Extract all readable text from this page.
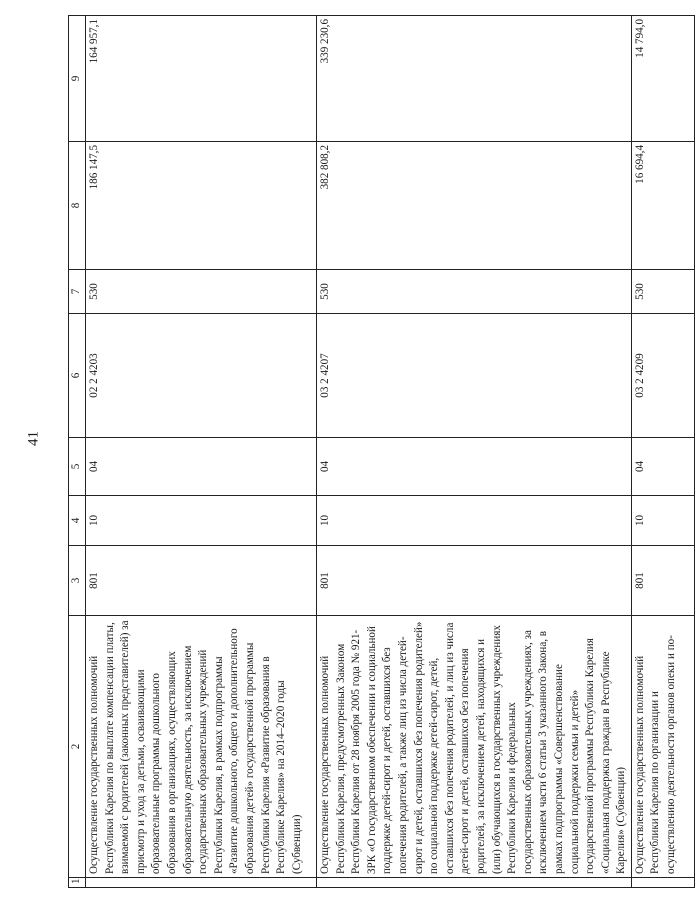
41
1	2	3	4	5	6	7	8	9
	Осуществление государственных полномочий Республики Карелия по выплате компенсации платы, взимаемой с родителей (законных представителей) за присмотр и уход за детьми, осваивающими образовательные программы дошкольного образования в организациях, осуществляющих образовательную деятельность, за исключением государственных образовательных учреждений Республики Карелия, в рамках подпрограммы «Развитие дошкольного, общего и дополнительного образования детей» государственной программы Республики Карелия «Развитие образования в Республике Карелия» на 2014–2020 годы (Субвенции)	801	10	04	02 2 4203	530	186 147,5	164 957,1
	Осуществление государственных полномочий Республики Карелия, предусмотренных Законом Республики Карелия от 28 ноября 2005 года № 921-ЗРК «О государственном обеспечении и социальной поддержке детей-сирот и детей, оставшихся без попечения родителей, а также лиц из числа детей-сирот и детей, оставшихся без попечения родителей» по социальной поддержке детей-сирот, детей, оставшихся без попечения родителей, и лиц из числа детей-сирот и детей, оставшихся без попечения родителей, за исключением детей, находящихся и (или) обучающихся в государственных учреждениях Республики Карелия и федеральных государственных образовательных учреждениях, за исключением части 6 статьи 3 указанного Закона, в рамках подпрограммы «Совершенствование социальной поддержки семьи и детей» государственной программы Республики Карелия «Социальная поддержка граждан в Республике Карелия» (Субвенции)	801	10	04	03 2 4207	530	382 808,2	339 230,6
	Осуществление государственных полномочий Республики Карелия по организации и осуществлению деятельности органов опеки и по-	801	10	04	03 2 4209	530	16 694,4	14 794,0
